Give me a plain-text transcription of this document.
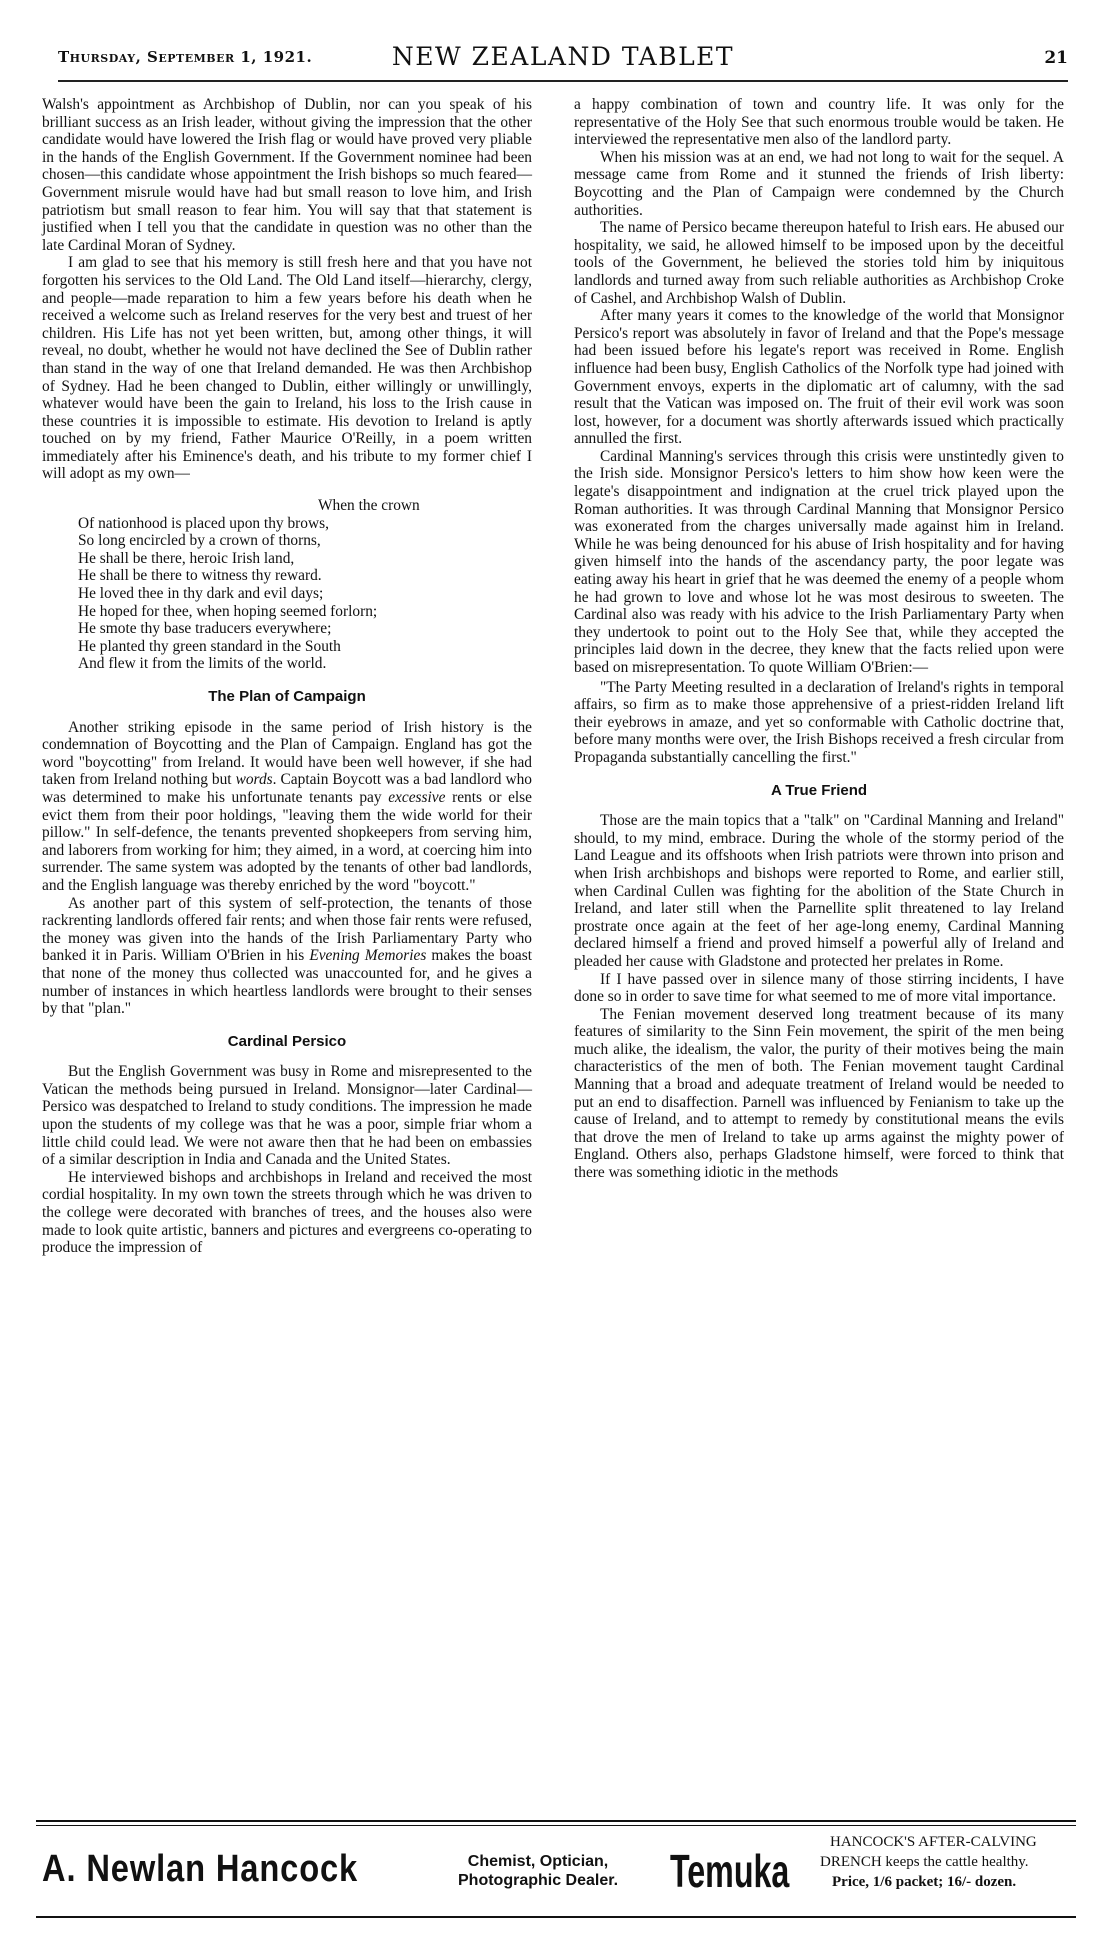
Thursday, September 1, 1921.	NEW ZEALAND TABLET	21

Walsh's appointment as Archbishop of Dublin, nor can you speak of his brilliant success as an Irish leader, without giving the impression that the other candidate would have lowered the Irish flag or would have proved very pliable in the hands of the English Government. If the Government nominee had been chosen—this candidate whose appointment the Irish bishops so much feared—Government misrule would have had but small reason to love him, and Irish patriotism but small reason to fear him. You will say that that statement is justified when I tell you that the candidate in question was no other than the late Cardinal Moran of Sydney.

I am glad to see that his memory is still fresh here and that you have not forgotten his services to the Old Land. The Old Land itself—hierarchy, clergy, and people—made reparation to him a few years before his death when he received a welcome such as Ireland reserves for the very best and truest of her children. His Life has not yet been written, but, among other things, it will reveal, no doubt, whether he would not have declined the See of Dublin rather than stand in the way of one that Ireland demanded. He was then Archbishop of Sydney. Had he been changed to Dublin, either willingly or unwillingly, whatever would have been the gain to Ireland, his loss to the Irish cause in these countries it is impossible to estimate. His devotion to Ireland is aptly touched on by my friend, Father Maurice O'Reilly, in a poem written immediately after his Eminence's death, and his tribute to my former chief I will adopt as my own—

When the crown
Of nationhood is placed upon thy brows,
So long encircled by a crown of thorns,
He shall be there, heroic Irish land,
He shall be there to witness thy reward.
He loved thee in thy dark and evil days;
He hoped for thee, when hoping seemed forlorn;
He smote thy base traducers everywhere;
He planted thy green standard in the South
And flew it from the limits of the world.
The Plan of Campaign

Another striking episode in the same period of Irish history is the condemnation of Boycotting and the Plan of Campaign. England has got the word "boycotting" from Ireland. It would have been well however, if she had taken from Ireland nothing but words. Captain Boycott was a bad landlord who was determined to make his unfortunate tenants pay excessive rents or else evict them from their poor holdings, "leaving them the wide world for their pillow." In self-defence, the tenants prevented shopkeepers from serving him, and laborers from working for him; they aimed, in a word, at coercing him into surrender. The same system was adopted by the tenants of other bad landlords, and the English language was thereby enriched by the word "boycott."

As another part of this system of self-protection, the tenants of those rackrenting landlords offered fair rents; and when those fair rents were refused, the money was given into the hands of the Irish Parliamentary Party who banked it in Paris. William O'Brien in his Evening Memories makes the boast that none of the money thus collected was unaccounted for, and he gives a number of instances in which heartless landlords were brought to their senses by that "plan."

Cardinal Persico

But the English Government was busy in Rome and misrepresented to the Vatican the methods being pursued in Ireland. Monsignor—later Cardinal—Persico was despatched to Ireland to study conditions. The impression he made upon the students of my college was that he was a poor, simple friar whom a little child could lead. We were not aware then that he had been on embassies of a similar description in India and Canada and the United States.

He interviewed bishops and archbishops in Ireland and received the most cordial hospitality. In my own town the streets through which he was driven to the college were decorated with branches of trees, and the houses also were made to look quite artistic, banners and pictures and evergreens co-operating to produce the impression of

a happy combination of town and country life. It was only for the representative of the Holy See that such enormous trouble would be taken. He interviewed the representative men also of the landlord party.

When his mission was at an end, we had not long to wait for the sequel. A message came from Rome and it stunned the friends of Irish liberty: Boycotting and the Plan of Campaign were condemned by the Church authorities.

The name of Persico became thereupon hateful to Irish ears. He abused our hospitality, we said, he allowed himself to be imposed upon by the deceitful tools of the Government, he believed the stories told him by iniquitous landlords and turned away from such reliable authorities as Archbishop Croke of Cashel, and Archbishop Walsh of Dublin.

After many years it comes to the knowledge of the world that Monsignor Persico's report was absolutely in favor of Ireland and that the Pope's message had been issued before his legate's report was received in Rome. English influence had been busy, English Catholics of the Norfolk type had joined with Government envoys, experts in the diplomatic art of calumny, with the sad result that the Vatican was imposed on. The fruit of their evil work was soon lost, however, for a document was shortly afterwards issued which practically annulled the first.

Cardinal Manning's services through this crisis were unstintedly given to the Irish side. Monsignor Persico's letters to him show how keen were the legate's disappointment and indignation at the cruel trick played upon the Roman authorities. It was through Cardinal Manning that Monsignor Persico was exonerated from the charges universally made against him in Ireland. While he was being denounced for his abuse of Irish hospitality and for having given himself into the hands of the ascendancy party, the poor legate was eating away his heart in grief that he was deemed the enemy of a people whom he had grown to love and whose lot he was most desirous to sweeten. The Cardinal also was ready with his advice to the Irish Parliamentary Party when they undertook to point out to the Holy See that, while they accepted the principles laid down in the decree, they knew that the facts relied upon were based on misrepresentation. To quote William O'Brien:—

"The Party Meeting resulted in a declaration of Ireland's rights in temporal affairs, so firm as to make those apprehensive of a priest-ridden Ireland lift their eyebrows in amaze, and yet so conformable with Catholic doctrine that, before many months were over, the Irish Bishops received a fresh circular from Propaganda substantially cancelling the first."

A True Friend

Those are the main topics that a "talk" on "Cardinal Manning and Ireland" should, to my mind, embrace. During the whole of the stormy period of the Land League and its offshoots when Irish patriots were thrown into prison and when Irish archbishops and bishops were reported to Rome, and earlier still, when Cardinal Cullen was fighting for the abolition of the State Church in Ireland, and later still when the Parnellite split threatened to lay Ireland prostrate once again at the feet of her age-long enemy, Cardinal Manning declared himself a friend and proved himself a powerful ally of Ireland and pleaded her cause with Gladstone and protected her prelates in Rome.

If I have passed over in silence many of those stirring incidents, I have done so in order to save time for what seemed to me of more vital importance.

The Fenian movement deserved long treatment because of its many features of similarity to the Sinn Fein movement, the spirit of the men being much alike, the idealism, the valor, the purity of their motives being the main characteristics of the men of both. The Fenian movement taught Cardinal Manning that a broad and adequate treatment of Ireland would be needed to put an end to disaffection. Parnell was influenced by Fenianism to take up the cause of Ireland, and to attempt to remedy by constitutional means the evils that drove the men of Ireland to take up arms against the mighty power of England. Others also, perhaps Gladstone himself, were forced to think that there was something idiotic in the methods

A. Newlan Hancock	Chemist, Optician,
Photographic Dealer. Temuka
HANCOCK'S AFTER-CALVING
DRENCH keeps the cattle healthy.
Price, 1/6 packet; 16/- dozen.
